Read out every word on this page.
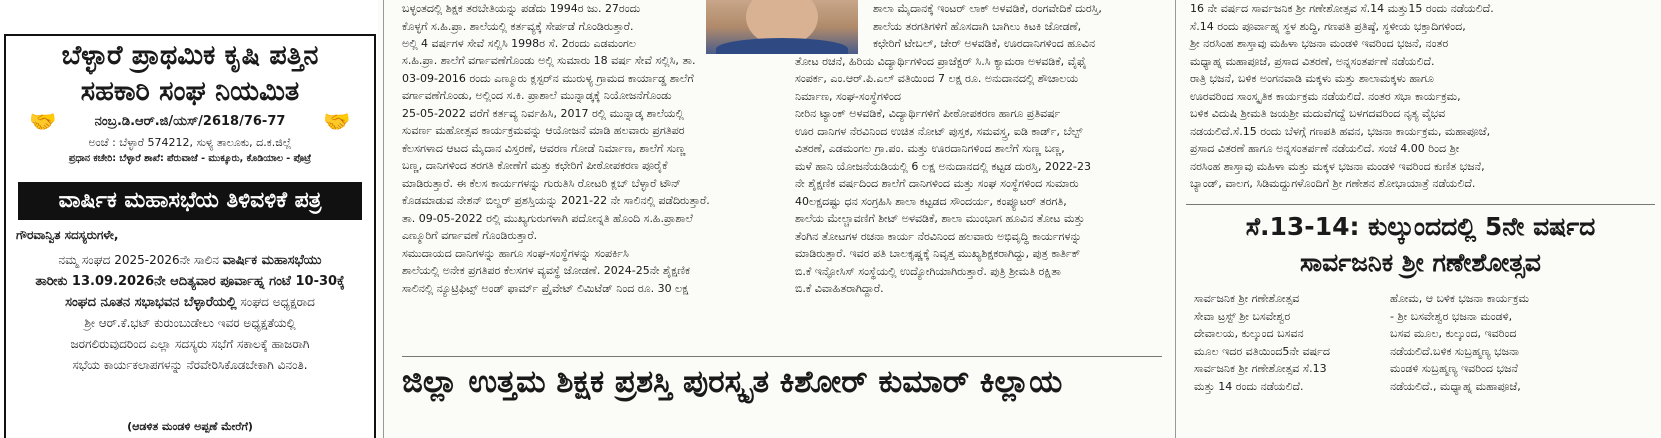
ಬೆಳ್ಳಾರೆ ಪ್ರಾಥಮಿಕ ಕೃಷಿ ಪತ್ತಿನ
ಸಹಕಾರಿ ಸಂಘ ನಿಯಮಿತ
🤝	🤝
ನಂಬ್ರ.ಡಿ.ಆರ್.ಜಿ/ಯಸ್/2618/76-77
ಅಂಚೆ : ಬೆಳ್ಳಾರೆ 574212, ಸುಳ್ಯ ತಾಲೂಕು, ದ.ಕ.ಜಿಲ್ಲೆ
ಪ್ರಧಾನ ಕಚೇರಿ: ಬೆಳ್ಳಾರೆ ಶಾಖೆ: ಪೆರುವಾಜೆ - ಮುಕ್ಕೂರು, ಕೊಡಿಯಾಲ - ಪೊಟ್ರೆ
ವಾರ್ಷಿಕ ಮಹಾಸಭೆಯ ತಿಳಿವಳಿಕೆ ಪತ್ರ
ಗೌರವಾನ್ವಿತ ಸದಸ್ಯರುಗಳೇ,
ನಮ್ಮ ಸಂಘದ 2025-2026ನೇ ಸಾಲಿನ ವಾರ್ಷಿಕ ಮಹಾಸಭೆಯು
ತಾರೀಕು 13.09.2026ನೇ ಆದಿತ್ಯವಾರ ಪೂರ್ವಾಹ್ನ ಗಂಟೆ 10-30ಕ್ಕೆ
ಸಂಘದ ನೂತನ ಸಭಾಭವನ ಬೆಳ್ಳಾರೆಯಲ್ಲಿ ಸಂಘದ ಅಧ್ಯಕ್ಷರಾದ
ಶ್ರೀ ಆರ್.ಕೆ.ಭಟ್ ಕುರುಂಬುಡೇಲು ಇವರ ಅಧ್ಯಕ್ಷತೆಯಲ್ಲಿ
ಜರಗಲಿರುವುದರಿಂದ ಎಲ್ಲಾ ಸದಸ್ಯರು ಸಭೆಗೆ ಸಕಾಲಕ್ಕೆ ಹಾಜರಾಗಿ
ಸಭೆಯ ಕಾರ್ಯಕಲಾಪಗಳನ್ನು ನೆರವೇರಿಸಿಕೊಡಬೇಕಾಗಿ ವಿನಂತಿ.
(ಆಡಳಿತ ಮಂಡಳಿ ಅಪ್ಪಣೆ ಮೇರೆಗೆ)

ಬಳ್ಳಂತದಲ್ಲಿ ಶಿಕ್ಷಕ ತರಬೇತಿಯನ್ನು ಪಡೆದು 1994ರ ಜು. 27ರಂದು

ಕೊಳ್ಳಗೆ ಸ.ಹಿ.ಪ್ರಾ. ಶಾಲೆಯಲ್ಲಿ ಕರ್ತವ್ಯಕ್ಕೆ ಸೇರ್ಪಡೆ ಗೊಂಡಿರುತ್ತಾರೆ.

ಅಲ್ಲಿ 4 ವರ್ಷಗಳ ಸೇವೆ ಸಲ್ಲಿಸಿ 1998ರ ಸೆ. 2ರಂದು ಎಡಮಂಗಲ

ಸ.ಹಿ.ಪ್ರಾ. ಶಾಲೆಗೆ ವರ್ಗಾವಣೆಗೊಂಡು ಅಲ್ಲಿ ಸುಮಾರು 18 ವರ್ಷ ಸೇವೆ ಸಲ್ಲಿಸಿ, ತಾ.

03-09-2016 ರಂದು ಎಣ್ಮೂರು ಕ್ಲಸ್ಟರ್‌ನ ಮುರುಳ್ಯ ಗ್ರಾಮದ ಕಾರ್ಯಾಡ್ಡ ಶಾಲೆಗೆ

ವರ್ಗಾವಣೆಗೊಂಡು, ಅಲ್ಲಿಂದ ಸ.ಕಿ. ಪ್ರಾಶಾಲೆ ಮುನ್ನಾಡ್ಕಕ್ಕೆ ನಿಯೋಜನೆಗೊಂಡು

25-05-2022 ವರೆಗೆ ಕರ್ತವ್ಯ ನಿರ್ವಹಿಸಿ, 2017 ರಲ್ಲಿ ಮುನ್ನಾಡ್ಕ ಶಾಲೆಯಲ್ಲಿ

ಸುವರ್ಣ ಮಹೋತ್ಸವ ಕಾರ್ಯಕ್ರಮವನ್ನು ಆಯೋಜನೆ ಮಾಡಿ ಹಲವಾರು ಪ್ರಗತಿಪರ

ಕೆಲಸಗಳಾದ ಆಟದ ಮೈದಾನ ವಿಸ್ತರಣೆ, ಆವರಣ ಗೋಡೆ ನಿರ್ಮಾಣ, ಶಾಲೆಗೆ ಸುಣ್ಣ

ಬಣ್ಣ, ದಾನಿಗಳಿಂದ ತರಗತಿ ಕೋಣೆಗೆ ಮತ್ತು ಕಛೇರಿಗೆ ಪೀಠೋಪಕರಣ ಪೂರೈಕೆ

ಮಾಡಿರುತ್ತಾರೆ. ಈ ಕೆಲಸ ಕಾರ್ಯಗಳನ್ನು ಗುರುತಿಸಿ ರೋಟರಿ ಕ್ಲಬ್ ಬೆಳ್ಳಾರೆ ಟೌನ್

ಕೊಡಮಾಡುವ ನೇಶನ್ ಬಿಲ್ಡರ್ ಪ್ರಶಸ್ತಿಯನ್ನು 2021-22 ನೇ ಸಾಲಿನಲ್ಲಿ ಪಡೆದಿರುತ್ತಾರೆ.

ತಾ. 09-05-2022 ರಲ್ಲಿ ಮುಖ್ಯಗುರುಗಳಾಗಿ ಪದೋನ್ನತಿ ಹೊಂದಿ ಸ.ಹಿ.ಪ್ರಾಶಾಲೆ

ಎಣ್ಮೂರಿಗೆ ವರ್ಗಾವಣೆ ಗೊಂಡಿರುತ್ತಾರೆ.

ಸಮುದಾಯದ ದಾನಿಗಳನ್ನು ಹಾಗೂ ಸಂಘ-ಸಂಸ್ಥೆಗಳನ್ನು ಸಂಪರ್ಕಿಸಿ

ಶಾಲೆಯಲ್ಲಿ ಅನೇಕ ಪ್ರಗತಿಪರ ಕೆಲಸಗಳ ವ್ಯವಸ್ಥೆ ಜೋಡಣೆ. 2024-25ನೇ ಶೈಕ್ಷಣಿಕ

ಸಾಲಿನಲ್ಲಿ ನ್ಯೂಟ್ರಿಫಿಟ್ಸ್ ಅಂಡ್ ಫಾರ್ಮ್ ಪ್ರೈವೇಟ್ ಲಿಮಿಟೆಡ್ ನಿಂದ ರೂ. 30 ಲಕ್ಷ

ಶಾಲಾ ಮೈದಾನಕ್ಕೆ ಇಂಟರ್ ಲಾಕ್ ಅಳವಡಿಕೆ, ರಂಗವೇದಿಕೆ ದುರಸ್ತಿ,

ಶಾಲೆಯ ತರಗತಿಗಳಿಗೆ ಹೊಸದಾಗಿ ಬಾಗಿಲು ಕಿಟಕಿ ಜೋಡಣೆ,

ಕಛೇರಿಗೆ ಟೇಬಲ್, ಚೇರ್ ಅಳವಡಿಕೆ, ಊರದಾನಿಗಳಿಂದ ಹೂವಿನ

ತೋಟ ರಚನೆ, ಹಿರಿಯ ವಿದ್ಯಾರ್ಥಿಗಳಿಂದ ಪ್ರಾಜೆಕ್ಟರ್ ಸಿ.ಸಿ ಕ್ಯಾಮರಾ ಅಳವಡಿಕೆ, ವೈಫೈ

ಸಂಪರ್ಕ, ಎಂ.ಆರ್.ಪಿ.ಎಲ್ ವತಿಯಿಂದ 7 ಲಕ್ಷ ರೂ. ಅನುದಾನದಲ್ಲಿ ಶೌಚಾಲಯ

ನಿರ್ಮಾಣ, ಸಂಘ-ಸಂಸ್ಥೆಗಳಿಂದ

ನೀರಿನ ಟ್ಯಾಂಕ್ ಅಳವಡಿಕೆ, ವಿದ್ಯಾರ್ಥಿಗಳಿಗೆ ಪೀಠೋಪಕರಣ ಹಾಗೂ ಪ್ರತಿವರ್ಷ

ಊರ ದಾನಿಗಳ ನೆರವಿನಿಂದ ಉಚಿತ ನೋಟ್ ಪುಸ್ತಕ, ಸಮವಸ್ತ್ರ, ಐಡಿ ಕಾರ್ಡ್, ಬೆಲ್ಟ್

ವಿತರಣೆ, ಎಡಮಂಗಲ ಗ್ರಾ.ಪಂ. ಮತ್ತು ಊರದಾನಿಗಳಿಂದ ಶಾಲೆಗೆ ಸುಣ್ಣ ಬಣ್ಣ,

ಮಳೆ ಹಾನಿ ಯೋಜನೆಯಡಿಯಲ್ಲಿ 6 ಲಕ್ಷ ಅನುದಾನದಲ್ಲಿ ಕಟ್ಟಡ ದುರಸ್ತಿ, 2022-23

ನೇ ಶೈಕ್ಷಣಿಕ ವರ್ಷದಿಂದ ಶಾಲೆಗೆ ದಾನಿಗಳಿಂದ ಮತ್ತು ಸಂಘ ಸಂಸ್ಥೆಗಳಿಂದ ಸುಮಾರು

40ಲಕ್ಷದಷ್ಟು ಧನ ಸಂಗ್ರಹಿಸಿ ಶಾಲಾ ಕಟ್ಟಡದ ಸೌಂದರ್ಯ, ಕಂಪ್ಯೂಟರ್ ತರಗತಿ,

ಶಾಲೆಯ ಮೇಲ್ಚಾವಣಿಗೆ ಶೀಟ್ ಅಳವಡಿಕೆ, ಶಾಲಾ ಮುಂಭಾಗ ಹೂವಿನ ತೋಟ ಮತ್ತು

ತೆಂಗಿನ ತೋಟಗಳ ರಚನಾ ಕಾರ್ಯ ನೆರವಿನಿಂದ ಹಲವಾರು ಅಭಿವೃದ್ಧಿ ಕಾರ್ಯಗಳನ್ನು

ಮಾಡಿರುತ್ತಾರೆ. ಇವರ ಪತಿ ಬಾಲಕೃಷ್ಣಕ್ಕೆ ನಿವೃತ್ತ ಮುಖ್ಯಶಿಕ್ಷಕರಾಗಿದ್ದು, ಪುತ್ರ ಕಾರ್ತಿಕ್

ಬಿ.ಕೆ ಇನ್ಫೋಸಿಸ್ ಸಂಸ್ಥೆಯಲ್ಲಿ ಉದ್ಯೋಗಿಯಾಗಿರುತ್ತಾರೆ. ಪುತ್ರಿ ಶ್ರೀಮತಿ ರಕ್ಷಿತಾ

ಬಿ.ಕೆ ವಿವಾಹಿತರಾಗಿದ್ದಾರೆ.

ಜಿಲ್ಲಾ ಉತ್ತಮ ಶಿಕ್ಷಕ ಪ್ರಶಸ್ತಿ ಪುರಸ್ಕೃತ ಕಿಶೋರ್ ಕುಮಾರ್ ಕಿಲ್ಲಾಯ

16 ನೇ ವರ್ಷದ ಸಾರ್ವಜನಿಕ ಶ್ರೀ ಗಣೇಶೋತ್ಸವ ಸೆ.14 ಮತ್ತು15 ರಂದು ನಡೆಯಲಿದೆ.

ಸೆ.14 ರಂದು ಪೂರ್ವಾಹ್ನ ಸ್ಥಳ ಶುದ್ಧಿ, ಗಣಪತಿ ಪ್ರತಿಷ್ಠೆ, ಸ್ಥಳೀಯ ಭಕ್ತಾದಿಗಳಿಂದ,

ಶ್ರೀ ನರಸಿಂಹ ಶಾಸ್ತಾವು ಮಹಿಳಾ ಭಜನಾ ಮಂಡಳಿ ಇವರಿಂದ ಭಜನೆ, ನಂತರ

ಮಧ್ಯಾಹ್ನ ಮಹಾಪೂಜೆ, ಪ್ರಸಾದ ವಿತರಣೆ, ಅನ್ನಸಂತರ್ಪಣೆ ನಡೆಯಲಿದೆ.

ರಾತ್ರಿ ಭಜನೆ, ಬಳಿಕ ಅಂಗನವಾಡಿ ಮಕ್ಕಳು ಮತ್ತು ಶಾಲಾಮಕ್ಕಳು ಹಾಗೂ

ಊರವರಿಂದ ಸಾಂಸ್ಕೃತಿಕ ಕಾರ್ಯಕ್ರಮ ನಡೆಯಲಿದೆ. ನಂತರ ಸಭಾ ಕಾರ್ಯಕ್ರಮ,

ಬಳಿಕ ವಿದುಷಿ ಶ್ರೀಮತಿ ಜಯಶ್ರೀ ಮದುವೆಗದ್ದೆ ಬಳಗದವರಿಂದ ನೃತ್ಯ ವೈಭವ

ನಡಯಲಿದೆ.ಸೆ.15 ರಂದು ಬೆಳಗ್ಗೆ ಗಣಪತಿ ಹವನ, ಭಜನಾ ಕಾರ್ಯಕ್ರಮ, ಮಹಾಪೂಜೆ,

ಪ್ರಸಾದ ವಿತರಣೆ ಹಾಗೂ ಅನ್ನಸಂತರ್ಪಣೆ ನಡೆಯಲಿದೆ. ಸಂಜೆ 4.00 ರಿಂದ ಶ್ರೀ

ನರಸಿಂಹ ಶಾಸ್ತಾವು ಮಹಿಳಾ ಮತ್ತು ಮಕ್ಕಳ ಭಜನಾ ಮಂಡಳಿ ಇವರಿಂದ ಕುಣಿತ ಭಜನೆ,

ಬ್ಯಾಂಡ್, ವಾಲಗ, ಸಿಡಿಮದ್ದುಗಳೊಂದಿಗೆ ಶ್ರೀ ಗಣೇಶನ ಶೋಭಾಯಾತ್ರೆ ನಡೆಯಲಿದೆ.

ಸೆ.13-14: ಕುಲ್ಕುಂದದಲ್ಲಿ 5ನೇ ವರ್ಷದ
ಸಾರ್ವಜನಿಕ ಶ್ರೀ ಗಣೇಶೋತ್ಸವ

ಸಾರ್ವಜನಿಕ ಶ್ರೀ ಗಣೇಶೋತ್ಸವ

ಸೇವಾ ಟ್ರಸ್ಟ್ ಶ್ರೀ ಬಸವೇಶ್ವರ

ದೇವಾಲಯ, ಕುಲ್ಕುಂದ ಬಸವನ

ಮೂಲ ಇದರ ವತಿಯಿಂದ5ನೇ ವರ್ಷದ

ಸಾರ್ವಜನಿಕ ಶ್ರೀ ಗಣೇಶೋತ್ಸವ ಸೆ.13

ಮತ್ತು 14 ರಂದು ನಡೆಯಲಿದೆ.

ಹೋಮ, ಆ ಬಳಿಕ ಭಜನಾ ಕಾರ್ಯಕ್ರಮ

- ಶ್ರೀ ಬಸವೇಶ್ವರ ಭಜನಾ ಮಂಡಳಿ,

ಬಸವ ಮೂಲ, ಕುಲ್ಕುಂದ, ಇವರಿಂದ

ನಡೆಯಲಿದೆ.ಬಳಿಕ ಸುಬ್ರಹ್ಮಣ್ಯ ಭಜನಾ

ಮಂಡಳಿ ಸುಬ್ರಹ್ಮಣ್ಯ ಇವರಿಂದ ಭಜನೆ

ನಡೆಯಲಿದೆ., ಮಧ್ಯಾಹ್ನ ಮಹಾಪೂಜೆ,
